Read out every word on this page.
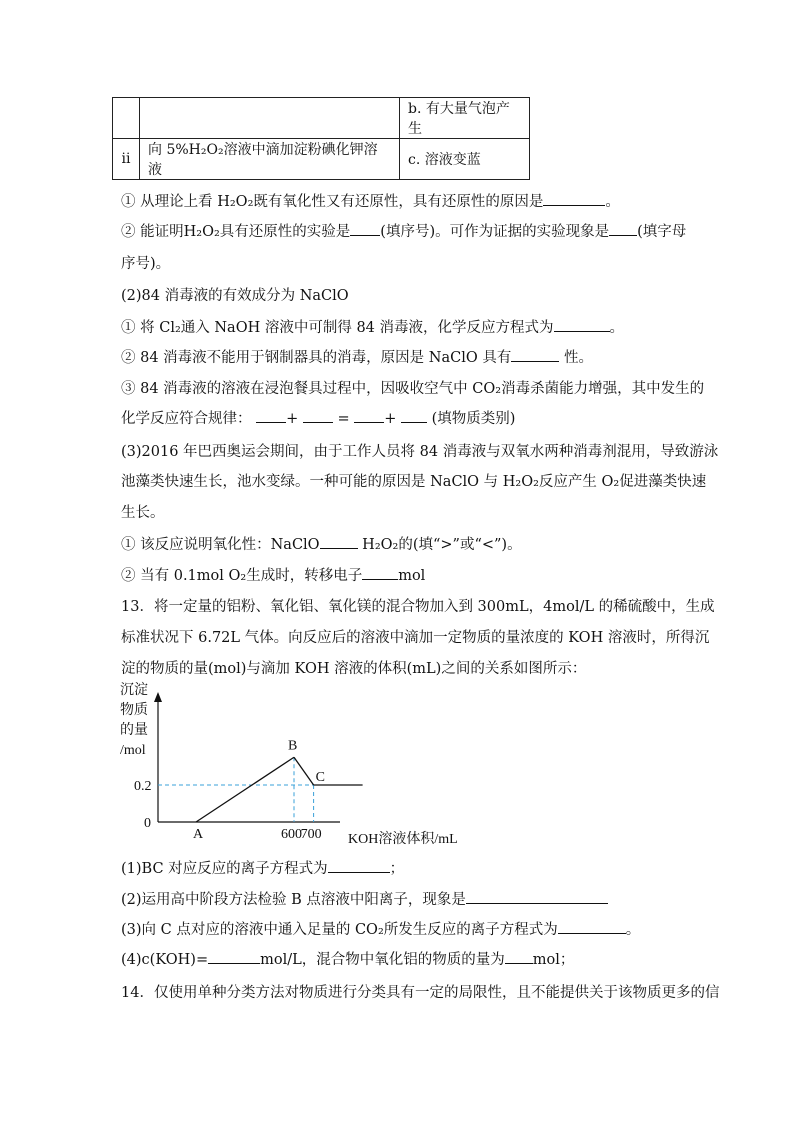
		b. 有大量气泡产生
ii	向 5%H₂O₂溶液中滴加淀粉碘化钾溶液	c. 溶液变蓝
① 从理论上看 H₂O₂既有氧化性又有还原性，具有还原性的原因是	。
② 能证明H₂O₂具有还原性的实验是 (填序号)。可作为证据的实验现象是 (填字母
序号)。
(2)84 消毒液的有效成分为 NaClO
① 将 Cl₂通入 NaOH 溶液中可制得 84 消毒液，化学反应方程式为	。
② 84 消毒液不能用于钢制器具的消毒，原因是 NaClO 具有	性。
③ 84 消毒液的溶液在浸泡餐具过程中，因吸收空气中 CO₂消毒杀菌能力增强，其中发生的
化学反应符合规律： +	= + (填物质类别)
(3)2016 年巴西奥运会期间，由于工作人员将 84 消毒液与双氧水两种消毒剂混用，导致游泳
池藻类快速生长，池水变绿。一种可能的原因是 NaClO 与 H₂O₂反应产生 O₂促进藻类快速
生长。
① 该反应说明氧化性：NaClO	H₂O₂的(填“>”或“<”)。
② 当有 0.1mol O₂生成时，转移电子 mol
13．将一定量的铝粉、氧化铝、氧化镁的混合物加入到 300mL，4mol/L 的稀硫酸中，生成
标准状况下 6.72L 气体。向反应后的溶液中滴加一定物质的量浓度的 KOH 溶液时，所得沉
淀的物质的量(mol)与滴加 KOH 溶液的体积(mL)之间的关系如图所示：
沉淀
物质
的量
/mol
A
B
C
0.2
0
600
700 KOH溶液体积/mL
(1)BC 对应反应的离子方程式为	；
(2)运用高中阶段方法检验 B 点溶液中阳离子，现象是
(3)向 C 点对应的溶液中通入足量的 CO₂所发生反应的离子方程式为	。
(4)c(KOH)=	mol/L，混合物中氧化铝的物质的量为 mol；
14．仅使用单种分类方法对物质进行分类具有一定的局限性，且不能提供关于该物质更多的信
